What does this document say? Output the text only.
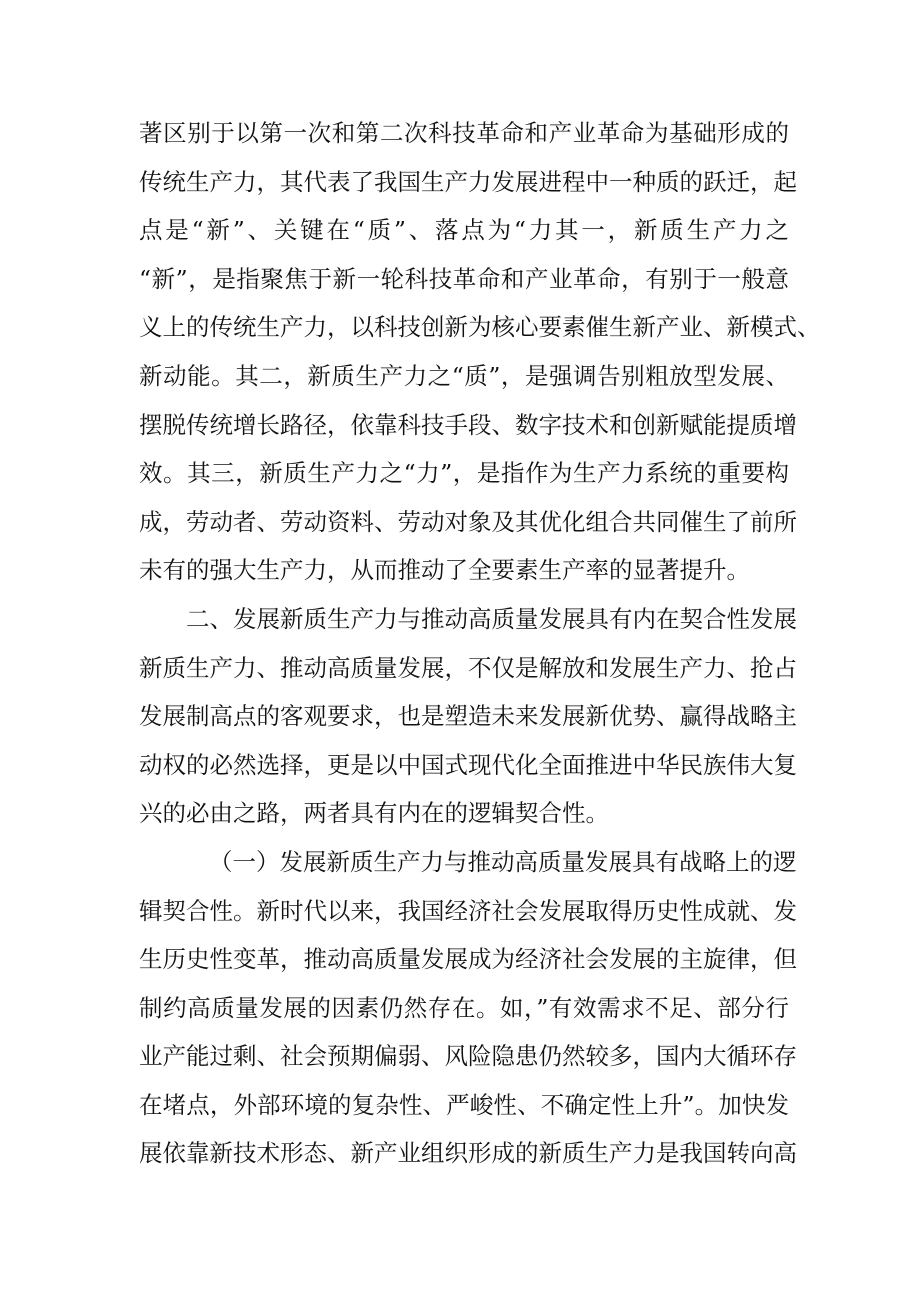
著区别于以第一次和第二次科技革命和产业革命为基础形成的
传统生产力，其代表了我国生产力发展进程中一种质的跃迁，起
点是“新”、关键在“质”、落点为“力其一，新质生产力之
“新”，是指聚焦于新一轮科技革命和产业革命，有别于一般意
义上的传统生产力，以科技创新为核心要素催生新产业、新模式、
新动能。其二，新质生产力之“质”，是强调告别粗放型发展、
摆脱传统增长路径，依靠科技手段、数字技术和创新赋能提质增
效。其三，新质生产力之“力”，是指作为生产力系统的重要构
成，劳动者、劳动资料、劳动对象及其优化组合共同催生了前所
未有的强大生产力，从而推动了全要素生产率的显著提升。
二、发展新质生产力与推动高质量发展具有内在契合性发展
新质生产力、推动高质量发展，不仅是解放和发展生产力、抢占
发展制高点的客观要求，也是塑造未来发展新优势、赢得战略主
动权的必然选择，更是以中国式现代化全面推进中华民族伟大复
兴的必由之路，两者具有内在的逻辑契合性。
（一）发展新质生产力与推动高质量发展具有战略上的逻
辑契合性。新时代以来，我国经济社会发展取得历史性成就、发
生历史性变革，推动高质量发展成为经济社会发展的主旋律，但
制约高质量发展的因素仍然存在。如，”有效需求不足、部分行
业产能过剩、社会预期偏弱、风险隐患仍然较多，国内大循环存
在堵点，外部环境的复杂性、严峻性、不确定性上升”。加快发
展依靠新技术形态、新产业组织形成的新质生产力是我国转向高
